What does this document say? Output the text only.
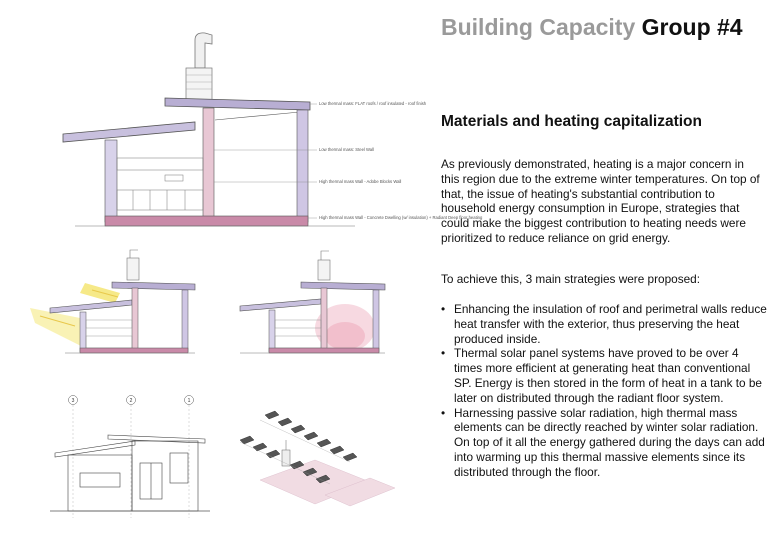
Building Capacity Group #4
Materials and heating capitalization

As previously demonstrated, heating is a major concern in this region due to the extreme winter temperatures. On top of that, the issue of heating's substantial contribution to household energy consumption in Europe, strategies that could make the biggest contribution to heating needs were prioritized to reduce reliance on grid energy.

To achieve this, 3 main strategies were proposed:

• Enhancing the insulation of roof and perimetral walls reduce heat transfer with the exterior, thus preserving the heat produced inside.
• Thermal solar panel systems have proved to be over 4 times more efficient at generating heat than conventional SP. Energy is then stored in the form of heat in a tank to be later on distributed through the radiant floor system.
• Harnessing passive solar radiation, high thermal mass elements can be directly reached by winter solar radiation. On top of it all the energy gathered during the days can add into warming up this thermal massive elements since its distributed through the floor.
Low thermal mass: FLAT roofs / roof insulated - roof finish
Low thermal mass: Steel Wall
High thermal mass Wall - Adobe Blocks Wall
High thermal mass Wall - Concrete Dwelling (w/ insulation) + Radiant Deep floor heating
3	2	1
